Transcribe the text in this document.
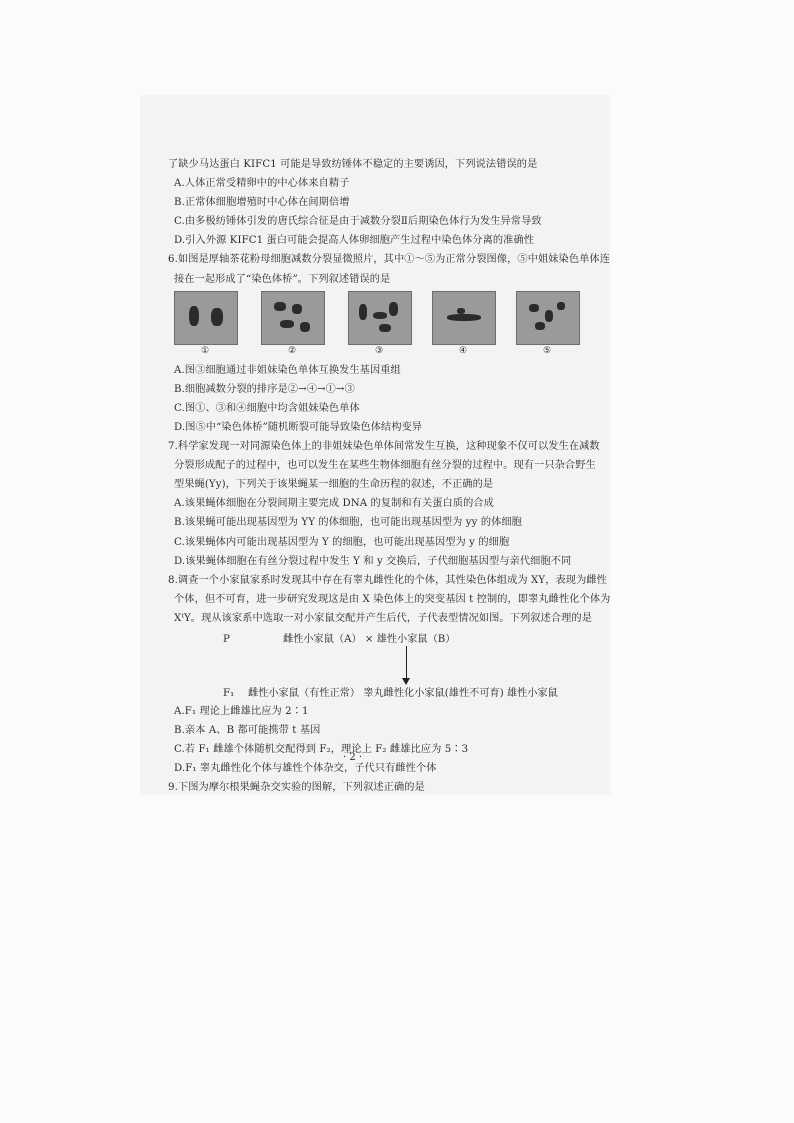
了缺少马达蛋白 KIFC1 可能是导致纺锤体不稳定的主要诱因，下列说法错误的是
A.人体正常受精卵中的中心体来自精子
B.正常体细胞增殖时中心体在间期倍增
C.由多极纺锤体引发的唐氏综合征是由于减数分裂Ⅱ后期染色体行为发生异常导致
D.引入外源 KIFC1 蛋白可能会提高人体卵细胞产生过程中染色体分离的准确性
6.如图是厚轴茶花粉母细胞减数分裂显微照片，其中①～⑤为正常分裂图像，⑤中姐妹染色单体连
接在一起形成了“染色体桥”。下列叙述错误的是
①	②	③	④	⑤
A.图③细胞通过非姐妹染色单体互换发生基因重组
B.细胞减数分裂的排序是②→④→①→③
C.图①、③和④细胞中均含姐妹染色单体
D.图⑤中“染色体桥”随机断裂可能导致染色体结构变异
7.科学家发现一对同源染色体上的非姐妹染色单体间常发生互换，这种现象不仅可以发生在减数
分裂形成配子的过程中，也可以发生在某些生物体细胞有丝分裂的过程中。现有一只杂合野生
型果蝇(Yy)，下列关于该果蝇某一细胞的生命历程的叙述，不正确的是
A.该果蝇体细胞在分裂间期主要完成 DNA 的复制和有关蛋白质的合成
B.该果蝇可能出现基因型为 YY 的体细胞，也可能出现基因型为 yy 的体细胞
C.该果蝇体内可能出现基因型为 Y 的细胞，也可能出现基因型为 y 的细胞
D.该果蝇体细胞在有丝分裂过程中发生 Y 和 y 交换后，子代细胞基因型与亲代细胞不同
8.调查一个小家鼠家系时发现其中存在有睾丸雌性化的个体，其性染色体组成为 XY，表现为雌性
个体，但不可育，进一步研究发现这是由 X 染色体上的突变基因 t 控制的，即睾丸雌性化个体为
XᵗY。现从该家系中选取一对小家鼠交配并产生后代，子代表型情况如图。下列叙述合理的是
P	雌性小家鼠（A） × 雄性小家鼠（B）
F₁ 雌性小家鼠（有性正常） 睾丸雌性化小家鼠(雄性不可育) 雄性小家鼠
A.F₁ 理论上雌雄比应为 2∶1
B.亲本 A、B 都可能携带 t 基因
C.若 F₁ 雌雄个体随机交配得到 F₂，理论上 F₂ 雌雄比应为 5∶3
D.F₁ 睾丸雌性化个体与雄性个体杂交，子代只有雌性个体
9.下图为摩尔根果蝇杂交实验的图解，下列叙述正确的是
· 2 ·
